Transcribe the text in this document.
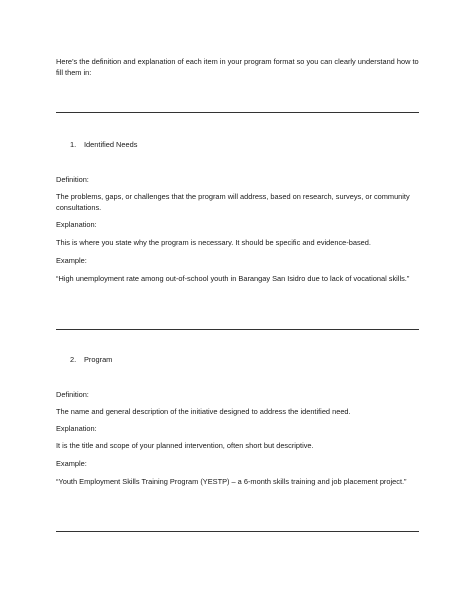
Here’s the definition and explanation of each item in your program format so you can clearly understand how to fill them in:

1.	Identified Needs

Definition:

The problems, gaps, or challenges that the program will address, based on research, surveys, or community consultations.

Explanation:

This is where you state why the program is necessary. It should be specific and evidence-based.

Example:

“High unemployment rate among out-of-school youth in Barangay San Isidro due to lack of vocational skills.”

2.	Program

Definition:

The name and general description of the initiative designed to address the identified need.

Explanation:

It is the title and scope of your planned intervention, often short but descriptive.

Example:

“Youth Employment Skills Training Program (YESTP) – a 6-month skills training and job placement project.”
